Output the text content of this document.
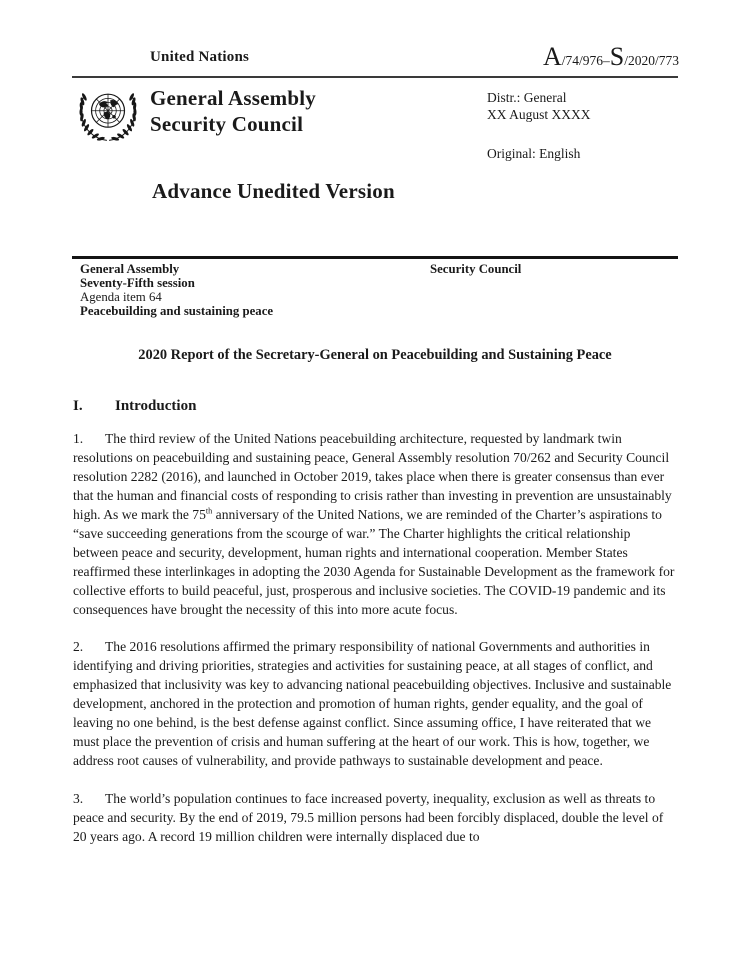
United Nations	A/74/976–S/2020/773
General Assembly
Security Council
Distr.: General
XX August XXXX
Original: English
Advance Unedited Version
General Assembly
Seventy-Fifth session
Agenda item 64
Peacebuilding and sustaining peace
Security Council
2020 Report of the Secretary-General on Peacebuilding and Sustaining Peace
I. Introduction

1. The third review of the United Nations peacebuilding architecture, requested by landmark twin resolutions on peacebuilding and sustaining peace, General Assembly resolution 70/262 and Security Council resolution 2282 (2016), and launched in October 2019, takes place when there is greater consensus than ever that the human and financial costs of responding to crisis rather than investing in prevention are unsustainably high. As we mark the 75th anniversary of the United Nations, we are reminded of the Charter’s aspirations to “save succeeding generations from the scourge of war.” The Charter highlights the critical relationship between peace and security, development, human rights and international cooperation. Member States reaffirmed these interlinkages in adopting the 2030 Agenda for Sustainable Development as the framework for collective efforts to build peaceful, just, prosperous and inclusive societies. The COVID-19 pandemic and its consequences have brought the necessity of this into more acute focus.

2. The 2016 resolutions affirmed the primary responsibility of national Governments and authorities in identifying and driving priorities, strategies and activities for sustaining peace, at all stages of conflict, and emphasized that inclusivity was key to advancing national peacebuilding objectives. Inclusive and sustainable development, anchored in the protection and promotion of human rights, gender equality, and the goal of leaving no one behind, is the best defense against conflict. Since assuming office, I have reiterated that we must place the prevention of crisis and human suffering at the heart of our work. This is how, together, we address root causes of vulnerability, and provide pathways to sustainable development and peace.

3. The world’s population continues to face increased poverty, inequality, exclusion as well as threats to peace and security. By the end of 2019, 79.5 million persons had been forcibly displaced, double the level of 20 years ago. A record 19 million children were internally displaced due to
